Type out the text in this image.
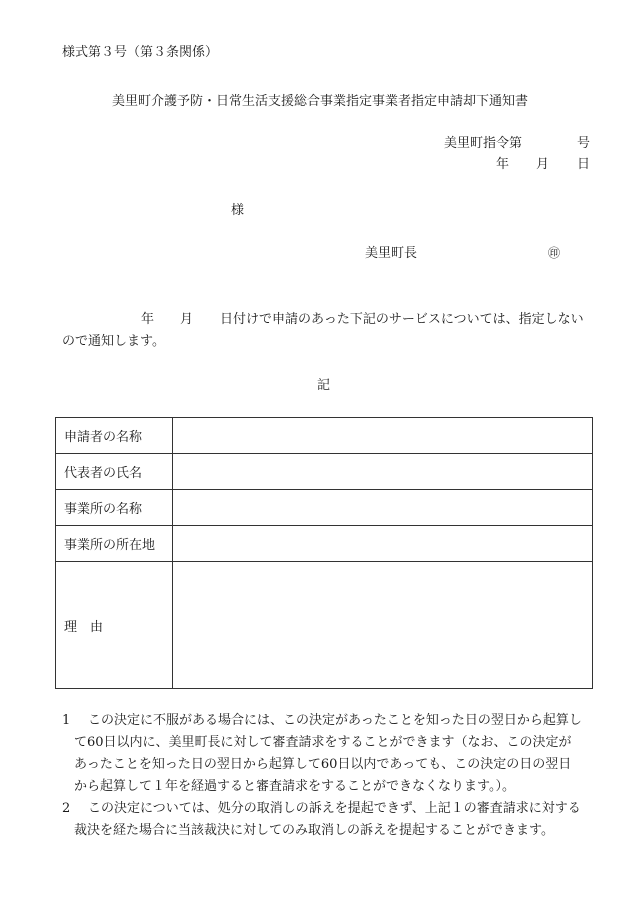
様式第３号（第３条関係）
美里町介護予防・日常生活支援総合事業指定事業者指定申請却下通知書
美里町指令第	号
年 月 日
様
美里町長	㊞
年 月 日付けで申請のあった下記のサービスについては、指定しない
ので通知します。
記
申請者の名称	
代表者の氏名	
事業所の名称	
事業所の所在地	
理　由	
1 この決定に不服がある場合には、この決定があったことを知った日の翌日から起算し
て60日以内に、美里町長に対して審査請求をすることができます（なお、この決定が
あったことを知った日の翌日から起算して60日以内であっても、この決定の日の翌日
から起算して１年を経過すると審査請求をすることができなくなります。）。
2 この決定については、処分の取消しの訴えを提起できず、上記１の審査請求に対する
裁決を経た場合に当該裁決に対してのみ取消しの訴えを提起することができます。
